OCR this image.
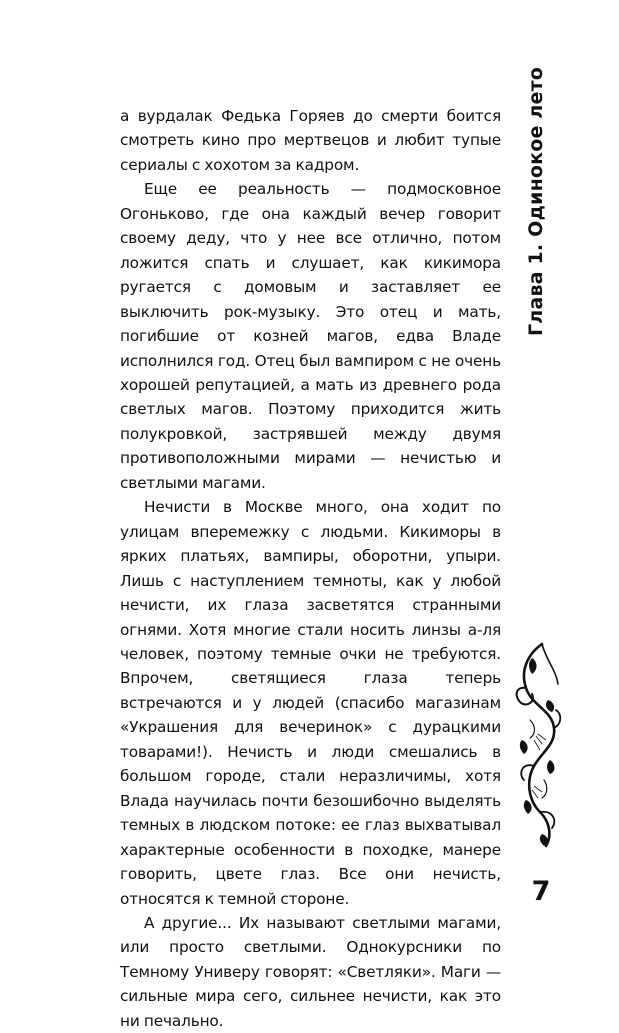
а вурдалак Федька Горяев до смерти боится смотреть кино про мертвецов и любит тупые сериалы с хохотом за кадром.

Еще ее реальность — подмосковное Огоньково, где она каждый вечер говорит своему деду, что у нее все отлично, потом ложится спать и слушает, как кикимора ругается с домовым и заставляет ее выключить рок-музыку. Это отец и мать, погибшие от козней магов, едва Владе исполнился год. Отец был вампиром с не очень хорошей репутацией, а мать из древнего рода светлых магов. Поэтому приходится жить полукровкой, застрявшей между двумя противоположными мирами — нечистью и светлыми магами.

Нечисти в Москве много, она ходит по улицам вперемежку с людьми. Кикиморы в ярких платьях, вампиры, оборотни, упыри. Лишь с наступлением темноты, как у любой нечисти, их глаза засветятся странными огнями. Хотя многие стали носить линзы а-ля человек, поэтому темные очки не требуются. Впрочем, светящиеся глаза теперь встречаются и у людей (спасибо магазинам «Украшения для вечеринок» с дурацкими товарами!). Нечисть и люди смешались в большом городе, стали неразличимы, хотя Влада научилась почти безошибочно выделять темных в людском потоке: ее глаз выхватывал характерные особенности в походке, манере говорить, цвете глаз. Все они нечисть, относятся к темной стороне.

А другие... Их называют светлыми магами, или просто светлыми. Однокурсники по Темному Универу говорят: «Светляки». Маги — сильные мира сего, сильнее нечисти, как это ни печально.

Глава 1. Одинокое лето
7
